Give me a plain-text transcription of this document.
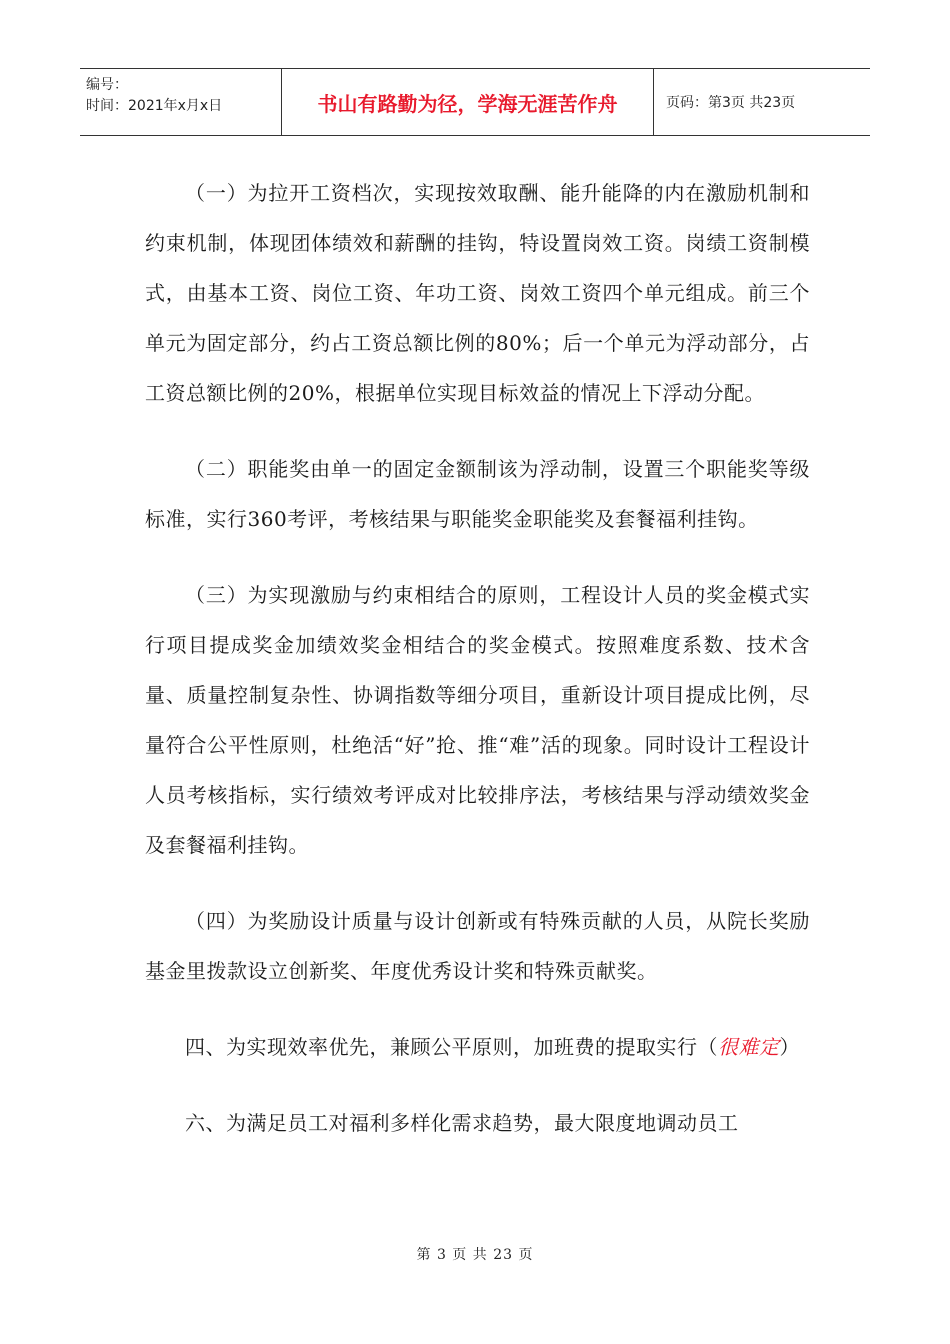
编号：
时间：2021年x月x日	书山有路勤为径，学海无涯苦作舟	页码：第3页 共23页

（一）为拉开工资档次，实现按效取酬、能升能降的内在激励机制和约束机制，体现团体绩效和薪酬的挂钩，特设置岗效工资。岗绩工资制模式，由基本工资、岗位工资、年功工资、岗效工资四个单元组成。前三个单元为固定部分，约占工资总额比例的80%；后一个单元为浮动部分，占工资总额比例的20%，根据单位实现目标效益的情况上下浮动分配。

（二）职能奖由单一的固定金额制该为浮动制，设置三个职能奖等级标准，实行360考评，考核结果与职能奖金职能奖及套餐福利挂钩。

（三）为实现激励与约束相结合的原则，工程设计人员的奖金模式实行项目提成奖金加绩效奖金相结合的奖金模式。按照难度系数、技术含量、质量控制复杂性、协调指数等细分项目，重新设计项目提成比例，尽量符合公平性原则，杜绝活“好”抢、推“难”活的现象。同时设计工程设计人员考核指标，实行绩效考评成对比较排序法，考核结果与浮动绩效奖金及套餐福利挂钩。

（四）为奖励设计质量与设计创新或有特殊贡献的人员，从院长奖励基金里拨款设立创新奖、年度优秀设计奖和特殊贡献奖。

四、为实现效率优先，兼顾公平原则，加班费的提取实行（很难定）

六、为满足员工对福利多样化需求趋势，最大限度地调动员工

第 3 页 共 23 页
